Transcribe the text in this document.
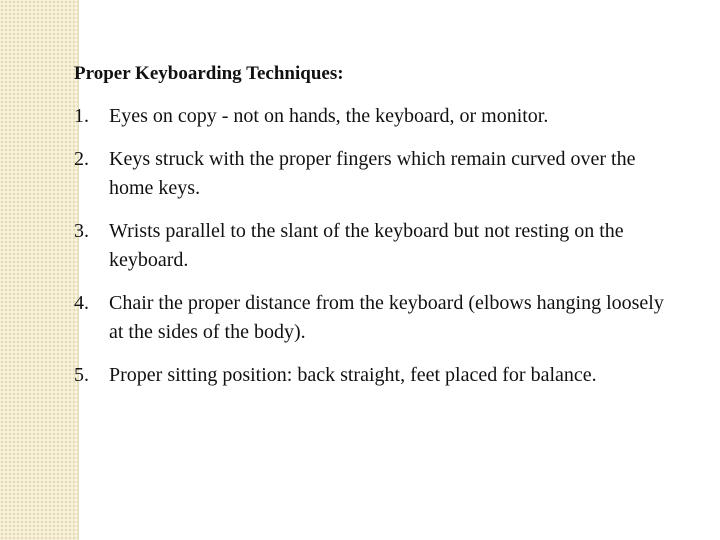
Proper Keyboarding Techniques:
1.	Eyes on copy - not on hands, the keyboard, or monitor.
2.	Keys struck with the proper fingers which remain curved over the home keys.
3.	Wrists parallel to the slant of the keyboard but not resting on the keyboard.
4.	Chair the proper distance from the keyboard (elbows hanging loosely at the sides of the body).
5.	Proper sitting position: back straight, feet placed for balance.
